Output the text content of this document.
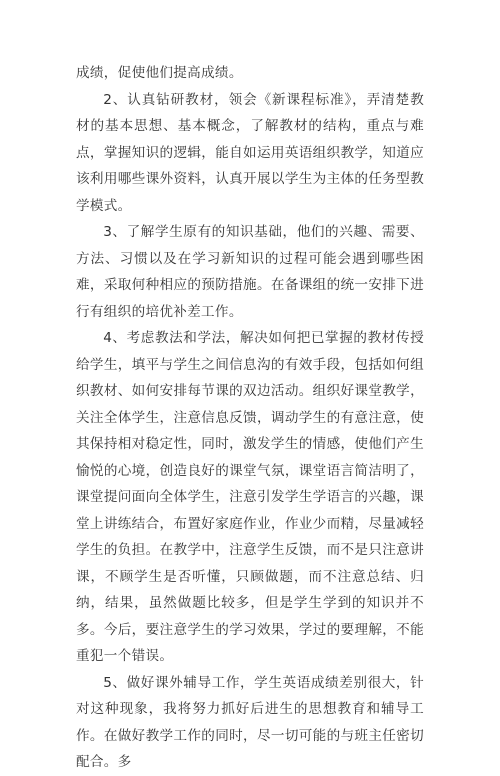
成绩，促使他们提高成绩。

2、认真钻研教材，领会《新课程标准》，弄清楚教材的基本思想、基本概念，了解教材的结构，重点与难点，掌握知识的逻辑，能自如运用英语组织教学，知道应该利用哪些课外资料，认真开展以学生为主体的任务型教学模式。

3、了解学生原有的知识基础，他们的兴趣、需要、方法、习惯以及在学习新知识的过程可能会遇到哪些困难，采取何种相应的预防措施。在备课组的统一安排下进行有组织的培优补差工作。

4、考虑教法和学法，解决如何把已掌握的教材传授给学生，填平与学生之间信息沟的有效手段，包括如何组织教材、如何安排每节课的双边活动。组织好课堂教学，关注全体学生，注意信息反馈，调动学生的有意注意，使其保持相对稳定性，同时，激发学生的情感，使他们产生愉悦的心境，创造良好的课堂气氛，课堂语言简洁明了，课堂提问面向全体学生，注意引发学生学语言的兴趣，课堂上讲练结合，布置好家庭作业，作业少而精，尽量减轻学生的负担。在教学中，注意学生反馈，而不是只注意讲课，不顾学生是否听懂，只顾做题，而不注意总结、归纳，结果，虽然做题比较多，但是学生学到的知识并不多。今后，要注意学生的学习效果，学过的要理解，不能重犯一个错误。

5、做好课外辅导工作，学生英语成绩差别很大，针对这种现象，我将努力抓好后进生的思想教育和辅导工作。在做好教学工作的同时，尽一切可能的与班主任密切配合。多
